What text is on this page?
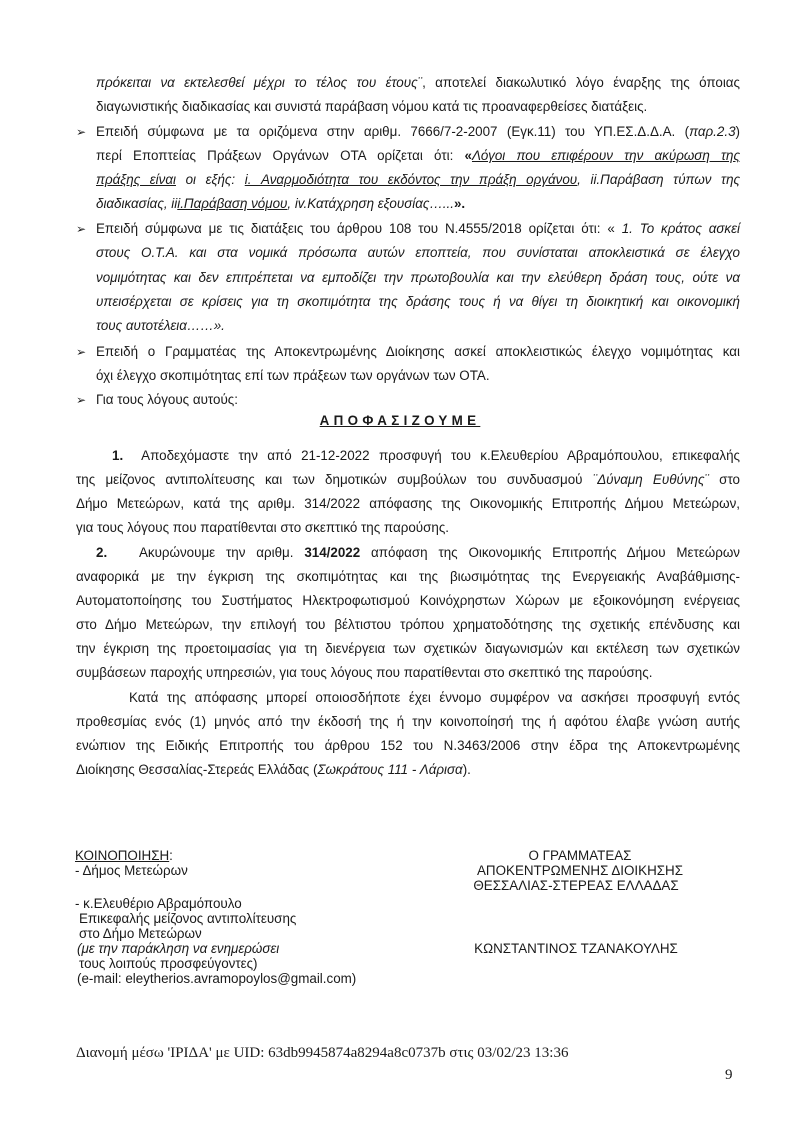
πρόκειται να εκτελεσθεί μέχρι το τέλος του έτους¨, αποτελεί διακωλυτικό λόγο έναρξης της όποιας
διαγωνιστικής διαδικασίας και συνιστά παράβαση νόμου κατά τις προαναφερθείσες διατάξεις.
➢ Επειδή σύμφωνα με τα οριζόμενα στην αριθμ. 7666/7-2-2007 (Εγκ.11) του ΥΠ.ΕΣ.Δ.Δ.Α. (παρ.2.3)
περί Εποπτείας Πράξεων Οργάνων ΟΤΑ ορίζεται ότι: «Λόγοι που επιφέρουν την ακύρωση της
πράξης είναι οι εξής: i. Αναρμοδιότητα του εκδόντος την πράξη οργάνου, ii.Παράβαση τύπων της
διαδικασίας, iii.Παράβαση νόμου, iv.Κατάχρηση εξουσίας…...».
➢ Επειδή σύμφωνα με τις διατάξεις του άρθρου 108 του Ν.4555/2018 ορίζεται ότι: « 1. Το κράτος ασκεί
στους Ο.Τ.Α. και στα νομικά πρόσωπα αυτών εποπτεία, που συνίσταται αποκλειστικά σε έλεγχο
νομιμότητας και δεν επιτρέπεται να εμποδίζει την πρωτοβουλία και την ελεύθερη δράση τους, ούτε να
υπεισέρχεται σε κρίσεις για τη σκοπιμότητα της δράσης τους ή να θίγει τη διοικητική και οικονομική
τους αυτοτέλεια……».
➢ Επειδή ο Γραμματέας της Αποκεντρωμένης Διοίκησης ασκεί αποκλειστικώς έλεγχο νομιμότητας και
όχι έλεγχο σκοπιμότητας επί των πράξεων των οργάνων των ΟΤΑ.
➢ Για τους λόγους αυτούς:
ΑΠΟΦΑΣΙΖΟΥΜΕ
1. Αποδεχόμαστε την από 21-12-2022 προσφυγή του κ.Ελευθερίου Αβραμόπουλου, επικεφαλής
της μείζονος αντιπολίτευσης και των δημοτικών συμβούλων του συνδυασμού ¨Δύναμη Ευθύνης¨ στο
Δήμο Μετεώρων, κατά της αριθμ. 314/2022 απόφασης της Οικονομικής Επιτροπής Δήμου Μετεώρων,
για τους λόγους που παρατίθενται στο σκεπτικό της παρούσης.
2. Ακυρώνουμε την αριθμ. 314/2022 απόφαση της Οικονομικής Επιτροπής Δήμου Μετεώρων
αναφορικά με την έγκριση της σκοπιμότητας και της βιωσιμότητας της Ενεργειακής Αναβάθμισης-
Αυτοματοποίησης του Συστήματος Ηλεκτροφωτισμού Κοινόχρηστων Χώρων με εξοικονόμηση ενέργειας
στο Δήμο Μετεώρων, την επιλογή του βέλτιστου τρόπου χρηματοδότησης της σχετικής επένδυσης και
την έγκριση της προετοιμασίας για τη διενέργεια των σχετικών διαγωνισμών και εκτέλεση των σχετικών
συμβάσεων παροχής υπηρεσιών, για τους λόγους που παρατίθενται στο σκεπτικό της παρούσης.
Κατά της απόφασης μπορεί οποιοσδήποτε έχει έννομο συμφέρον να ασκήσει προσφυγή εντός
προθεσμίας ενός (1) μηνός από την έκδοσή της ή την κοινοποίησή της ή αφότου έλαβε γνώση αυτής
ενώπιον της Ειδικής Επιτροπής του άρθρου 152 του Ν.3463/2006 στην έδρα της Αποκεντρωμένης
Διοίκησης Θεσσαλίας-Στερεάς Ελλάδας (Σωκράτους 111 - Λάρισα).
ΚΟΙΝΟΠΟΙΗΣΗ:
- Δήμος Μετεώρων
- κ.Ελευθέριο Αβραμόπουλο
Επικεφαλής μείζονος αντιπολίτευσης
στο Δήμο Μετεώρων
(με την παράκληση να ενημερώσει
τους λοιπούς προσφεύγοντες)
(e-mail: eleytherios.avramopoylos@gmail.com)
Ο ΓΡΑΜΜΑΤΕΑΣ
ΑΠΟΚΕΝΤΡΩΜΕΝΗΣ ΔΙΟΙΚΗΣΗΣ
ΘΕΣΣΑΛΙΑΣ-ΣΤΕΡΕΑΣ ΕΛΛΑΔΑΣ
ΚΩΝΣΤΑΝΤΙΝΟΣ ΤΖΑΝΑΚΟΥΛΗΣ
Διανομή μέσω 'ΙΡΙΔΑ' με UID: 63db9945874a8294a8c0737b στις 03/02/23 13:36
9
